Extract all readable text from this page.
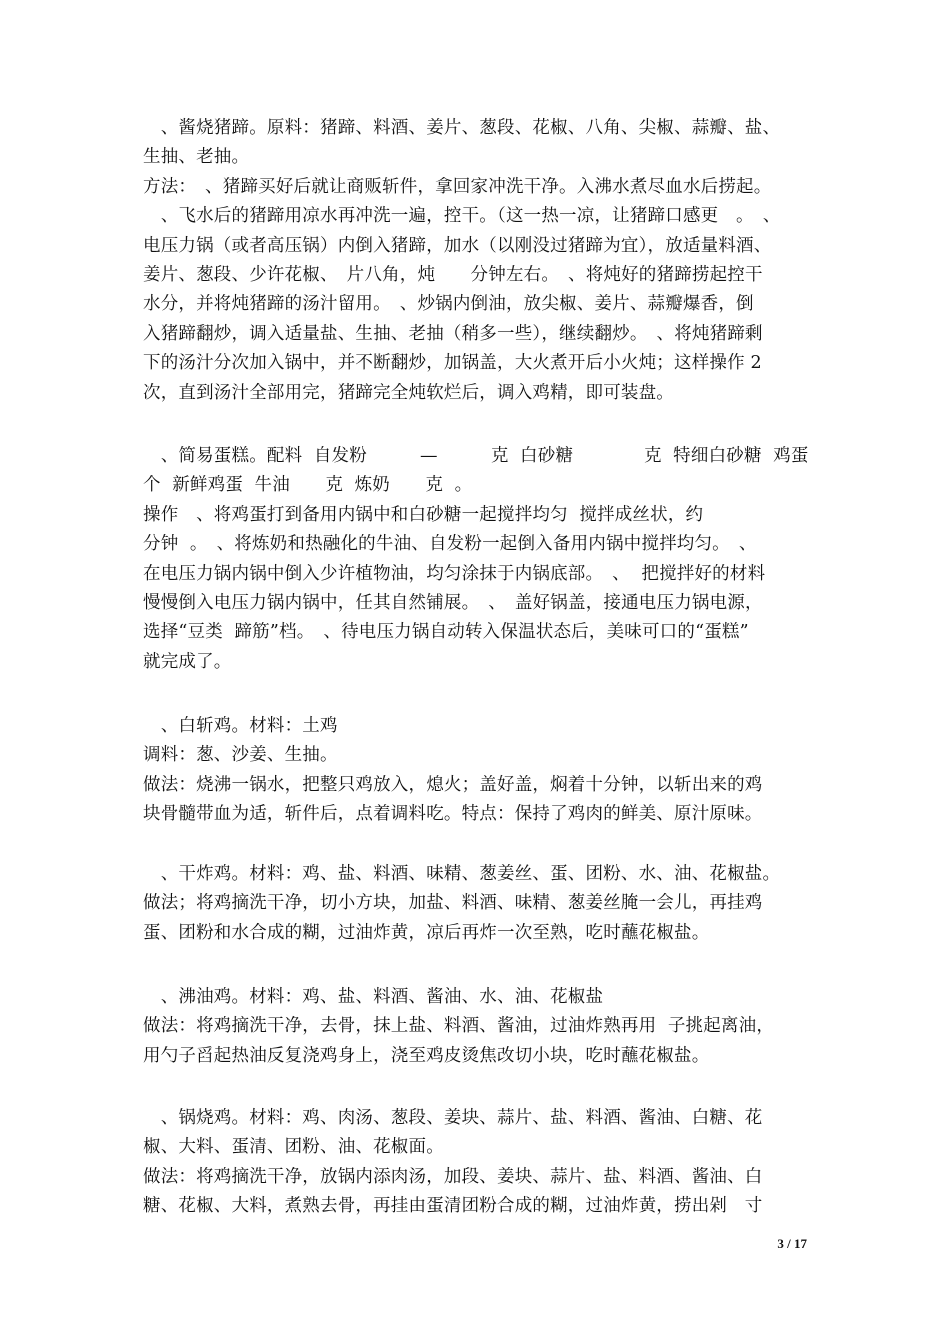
　、酱烧猪蹄。原料：猪蹄、料酒、姜片、葱段、花椒、八角、尖椒、蒜瓣、盐、
生抽、老抽。
方法：　、猪蹄买好后就让商贩斩件，拿回家冲洗干净。入沸水煮尽血水后捞起。
　、飞水后的猪蹄用凉水再冲洗一遍，控干。（这一热一凉，让猪蹄口感更　。　、
电压力锅（或者高压锅）内倒入猪蹄，加水（以刚没过猪蹄为宜），放适量料酒、
姜片、葱段、少许花椒、　片八角，炖　　分钟左右。　、将炖好的猪蹄捞起控干
水分，并将炖猪蹄的汤汁留用。　、炒锅内倒油，放尖椒、姜片、蒜瓣爆香，倒
入猪蹄翻炒，调入适量盐、生抽、老抽（稍多一些），继续翻炒。　、将炖猪蹄剩
下的汤汁分次加入锅中，并不断翻炒，加锅盖，大火煮开后小火炖；这样操作 2
次，直到汤汁全部用完，猪蹄完全炖软烂后，调入鸡精，即可装盘。
　、简易蛋糕。配料  自发粉　　　—　　　克  白砂糖　　　　克  特细白砂糖  鸡蛋
个  新鲜鸡蛋  牛油　　克  炼奶　　克  。
操作　、将鸡蛋打到备用内锅中和白砂糖一起搅拌均匀  搅拌成丝状，约
分钟  。　、将炼奶和热融化的牛油、自发粉一起倒入备用内锅中搅拌均匀。　、
在电压力锅内锅中倒入少许植物油，均匀涂抹于内锅底部。　、  把搅拌好的材料
慢慢倒入电压力锅内锅中，任其自然铺展。　、　盖好锅盖，接通电压力锅电源，
选择“豆类  蹄筋”档。　、待电压力锅自动转入保温状态后，美味可口的“蛋糕”
就完成了。
　、白斩鸡。材料：土鸡
调料：葱、沙姜、生抽。
做法：烧沸一锅水，把整只鸡放入，熄火；盖好盖，焖着十分钟，以斩出来的鸡
块骨髓带血为适，斩件后，点着调料吃。特点：保持了鸡肉的鲜美、原汁原味。
　、干炸鸡。材料：鸡、盐、料酒、味精、葱姜丝、蛋、团粉、水、油、花椒盐。
做法；将鸡摘洗干净，切小方块，加盐、料酒、味精、葱姜丝腌一会儿，再挂鸡
蛋、团粉和水合成的糊，过油炸黄，凉后再炸一次至熟，吃时蘸花椒盐。
　、沸油鸡。材料：鸡、盐、料酒、酱油、水、油、花椒盐
做法：将鸡摘洗干净，去骨，抹上盐、料酒、酱油，过油炸熟再用  子挑起离油，
用勺子舀起热油反复浇鸡身上，浇至鸡皮烫焦改切小块，吃时蘸花椒盐。
　、锅烧鸡。材料：鸡、肉汤、葱段、姜块、蒜片、盐、料酒、酱油、白糖、花
椒、大料、蛋清、团粉、油、花椒面。
做法：将鸡摘洗干净，放锅内添肉汤，加段、姜块、蒜片、盐、料酒、酱油、白
糖、花椒、大料，煮熟去骨，再挂由蛋清团粉合成的糊，过油炸黄，捞出剁　寸
3 / 17
